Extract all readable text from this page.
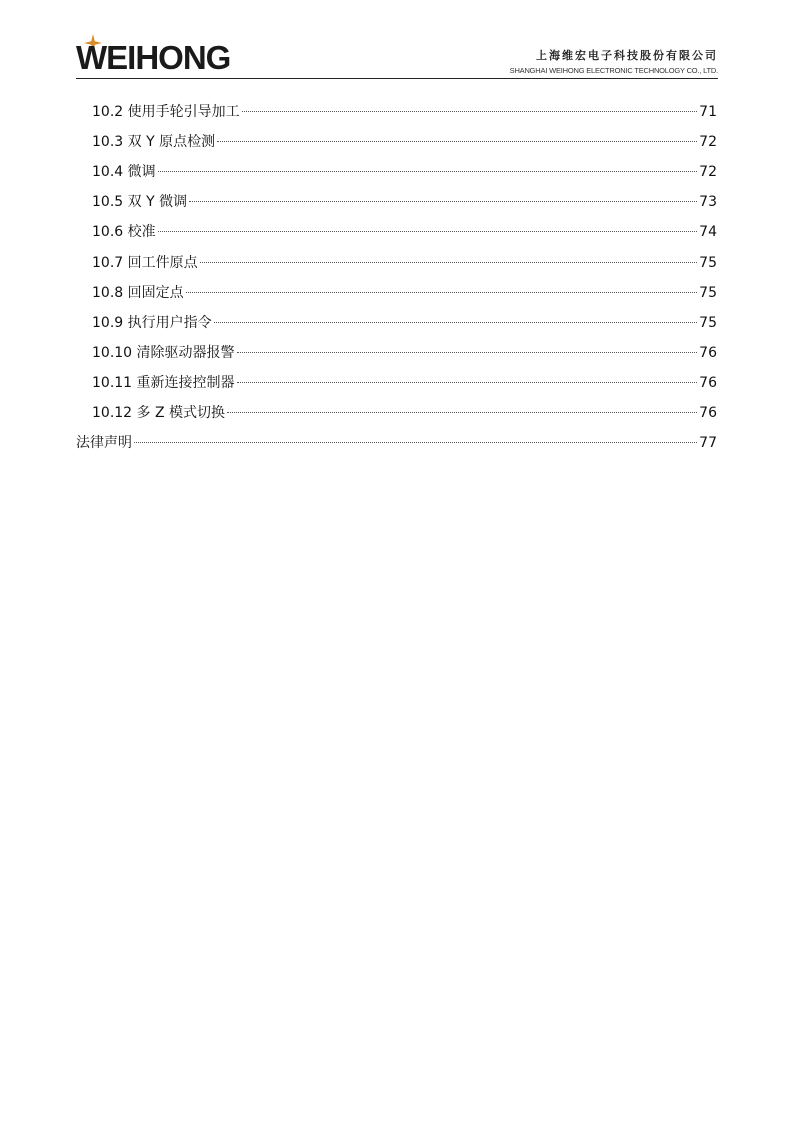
WEIHONG	上海维宏电子科技股份有限公司
SHANGHAI WEIHONG ELECTRONIC TECHNOLOGY CO., LTD.
10.2 使用手轮引导加工	71
10.3 双 Y 原点检测	72
10.4 微调	72
10.5 双 Y 微调	73
10.6 校准	74
10.7 回工件原点	75
10.8 回固定点	75
10.9 执行用户指令	75
10.10 清除驱动器报警	76
10.11 重新连接控制器	76
10.12 多 Z 模式切换	76
法律声明	77
